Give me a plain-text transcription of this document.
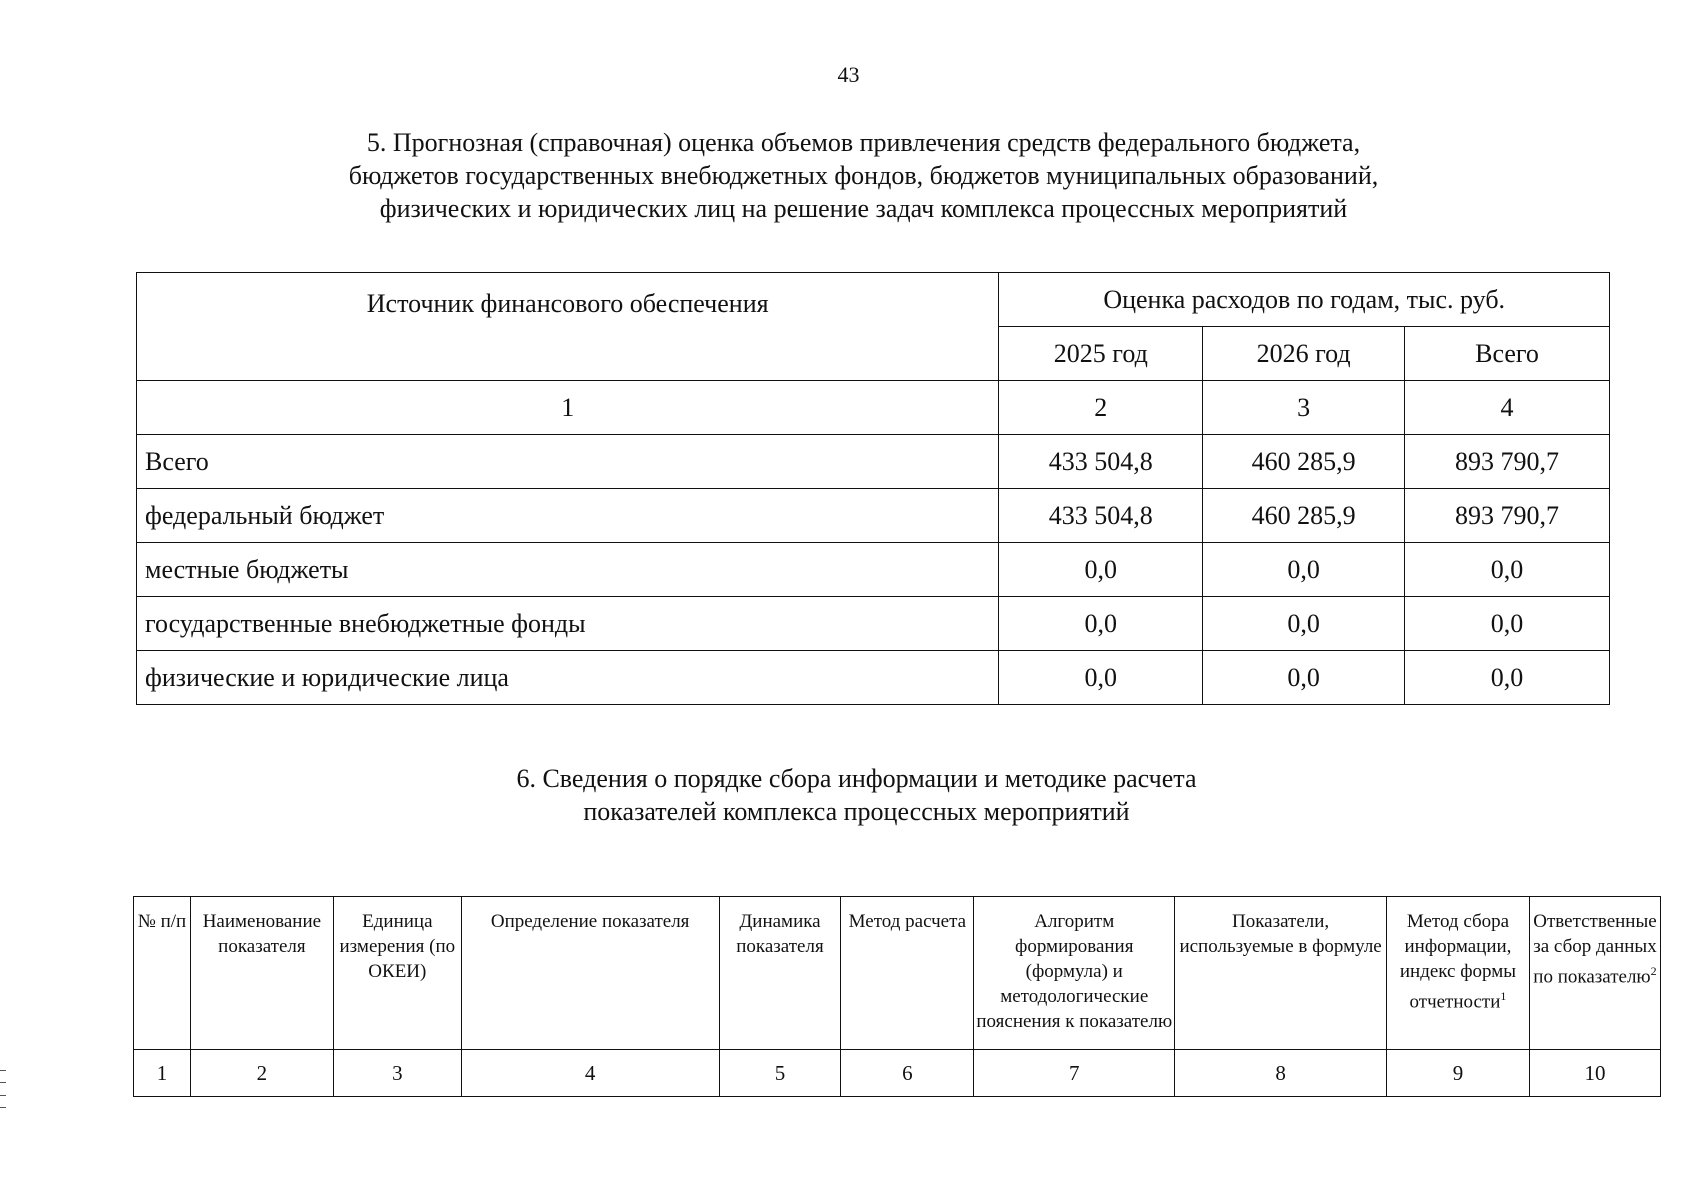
43
5. Прогнозная (справочная) оценка объемов привлечения средств федерального бюджета,
бюджетов государственных внебюджетных фондов, бюджетов муниципальных образований,
физических и юридических лиц на решение задач комплекса процессных мероприятий
Источник финансового обеспечения	Оценка расходов по годам, тыс. руб.		
	2025 год	2026 год	Всего
1	2	3	4
Всего	433 504,8	460 285,9	893 790,7
федеральный бюджет	433 504,8	460 285,9	893 790,7
местные бюджеты	0,0	0,0	0,0
государственные внебюджетные фонды	0,0	0,0	0,0
физические и юридические лица	0,0	0,0	0,0
6. Сведения о порядке сбора информации и методике расчета
показателей комплекса процессных мероприятий
№ п/п	Наименование показателя	Единица измерения (по ОКЕИ)	Определение показателя	Динамика показателя	Метод расчета	Алгоритм формирования (формула) и методологические пояснения к показателю	Показатели, используемые в формуле	Метод сбора информации, индекс формы отчетности$^1$	Ответственные за сбор данных по показателю$^2$
1	2	3	4	5	6	7	8	9	10
